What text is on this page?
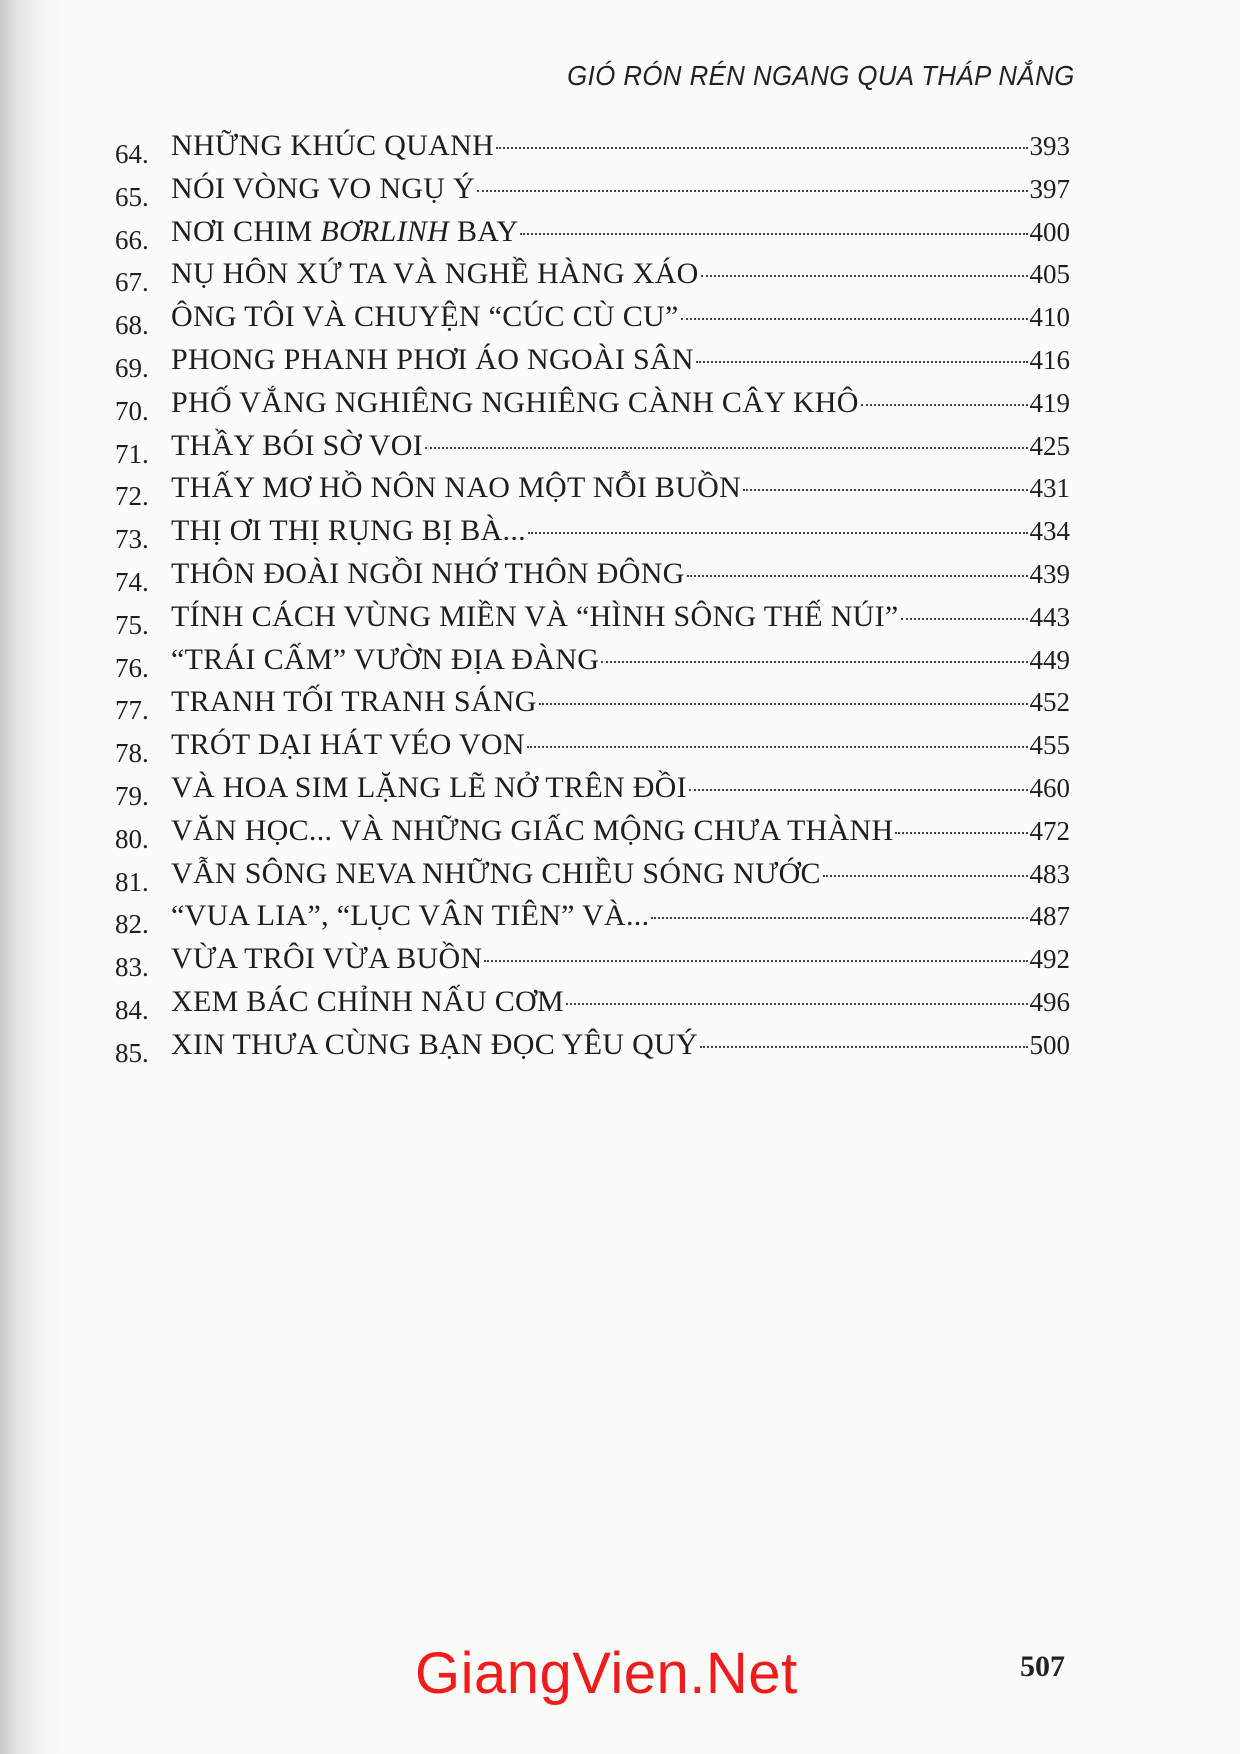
GIÓ RÓN RÉN NGANG QUA THÁP NẮNG
64. NHỮNG KHÚC QUANH	393
65. NÓI VÒNG VO NGỤ Ý	397
66. NƠI CHIM BƠRLINH BAY	400
67. NỤ HÔN XỨ TA VÀ NGHỀ HÀNG XÁO	405
68. ÔNG TÔI VÀ CHUYỆN “CÚC CÙ CU”	410
69. PHONG PHANH PHƠI ÁO NGOÀI SÂN	416
70. PHỐ VẮNG NGHIÊNG NGHIÊNG CÀNH CÂY KHÔ	419
71. THẦY BÓI SỜ VOI	425
72. THẤY MƠ HỒ NÔN NAO MỘT NỖI BUỒN	431
73. THỊ ƠI THỊ RỤNG BỊ BÀ...	434
74. THÔN ĐOÀI NGỒI NHỚ THÔN ĐÔNG	439
75. TÍNH CÁCH VÙNG MIỀN VÀ “HÌNH SÔNG THẾ NÚI”	443
76. “TRÁI CẤM” VƯỜN ĐỊA ĐÀNG	449
77. TRANH TỐI TRANH SÁNG	452
78. TRÓT DẠI HÁT VÉO VON	455
79. VÀ HOA SIM LẶNG LẼ NỞ TRÊN ĐỒI	460
80. VĂN HỌC... VÀ NHỮNG GIẤC MỘNG CHƯA THÀNH	472
81. VẪN SÔNG NEVA NHỮNG CHIỀU SÓNG NƯỚC	483
82. “VUA LIA”, “LỤC VÂN TIÊN” VÀ...	487
83. VỪA TRÔI VỪA BUỒN	492
84. XEM BÁC CHỈNH NẤU CƠM	496
85. XIN THƯA CÙNG BẠN ĐỌC YÊU QUÝ	500
GiangVien.Net	507
